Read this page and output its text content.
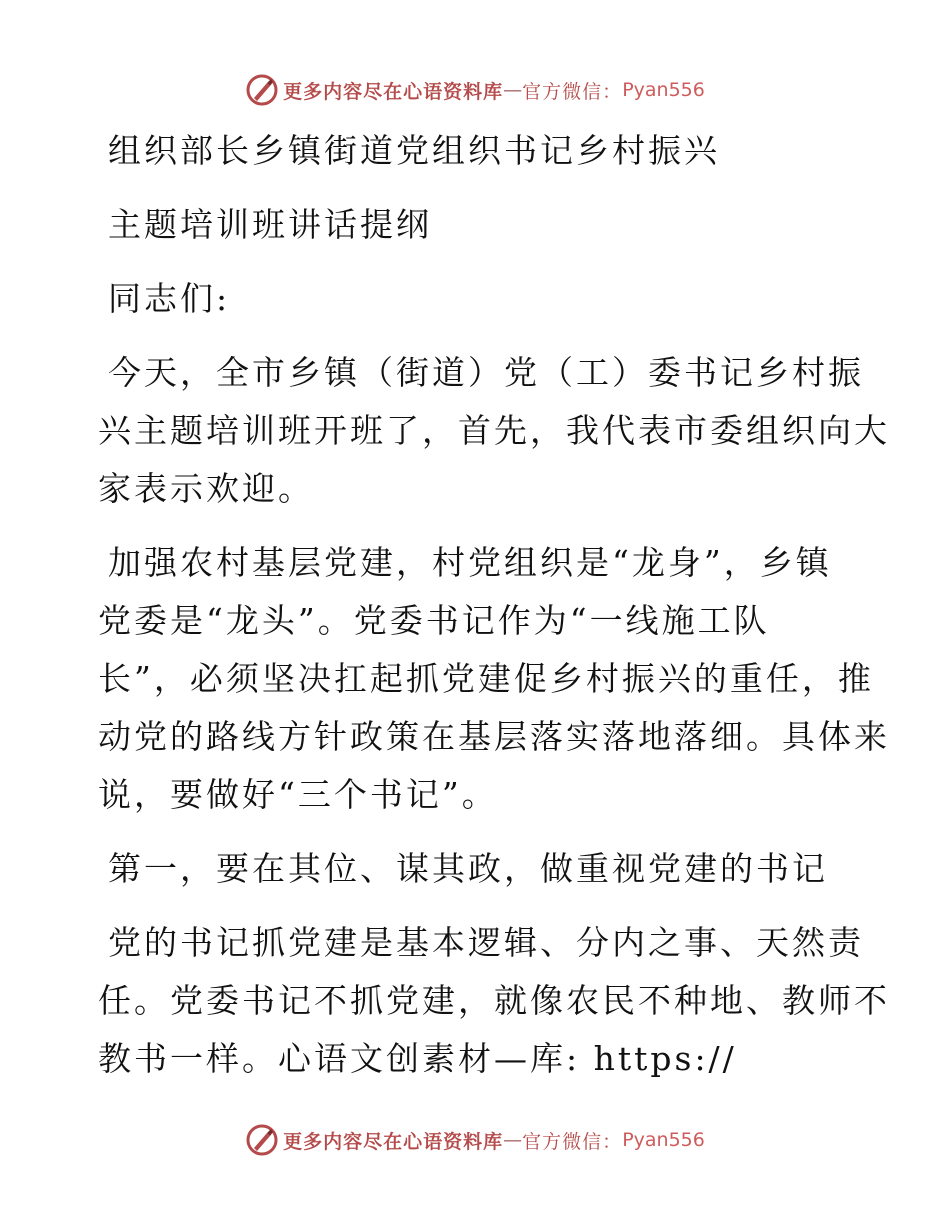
更多内容尽在心语资料库 — 官方微信： Pyan556
组织部长乡镇街道党组织书记乡村振兴
主题培训班讲话提纲
同志们:
今天，全市乡镇（街道）党（工）委书记乡村振
兴主题培训班开班了，首先，我代表市委组织向大
家表示欢迎。
加强农村基层党建，村党组织是“龙身”，乡镇
党委是“龙头”。党委书记作为“一线施工队
长”，必须坚决扛起抓党建促乡村振兴的重任，推
动党的路线方针政策在基层落实落地落细。具体来
说，要做好“三个书记”。
第一，要在其位、谋其政，做重视党建的书记
党的书记抓党建是基本逻辑、分内之事、天然责
任。党委书记不抓党建，就像农民不种地、教师不
教书一样。心语文创素材—库: https://
更多内容尽在心语资料库 — 官方微信： Pyan556
